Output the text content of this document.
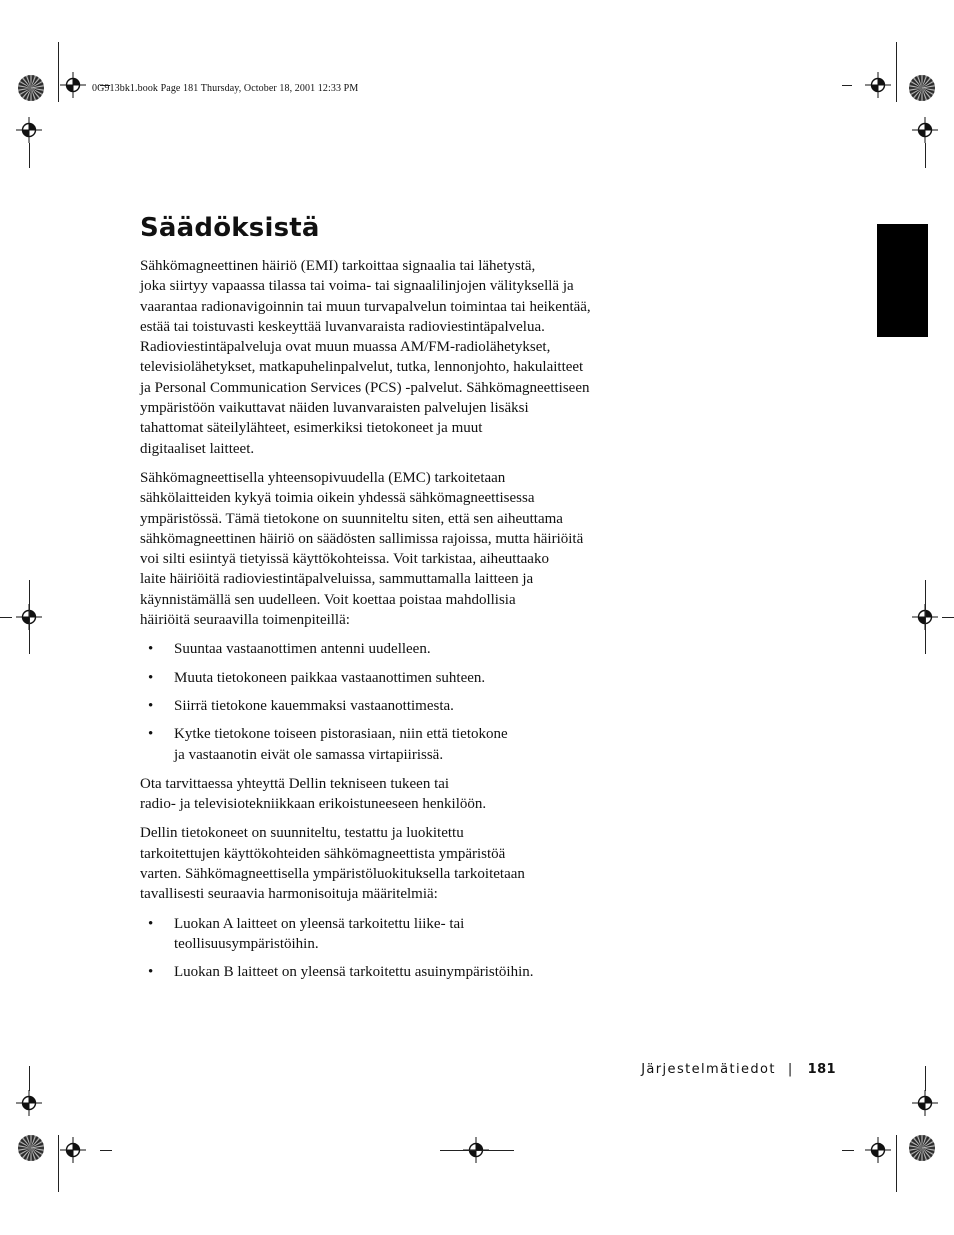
0G913bk1.book Page 181 Thursday, October 18, 2001 12:33 PM
Säädöksistä

Sähkömagneettinen häiriö (EMI) tarkoittaa signaalia tai lähetystä,
joka siirtyy vapaassa tilassa tai voima- tai signaalilinjojen välityksellä ja
vaarantaa radionavigoinnin tai muun turvapalvelun toimintaa tai heikentää,
estää tai toistuvasti keskeyttää luvanvaraista radioviestintäpalvelua.
Radioviestintäpalveluja ovat muun muassa AM/FM-radiolähetykset,
televisiolähetykset, matkapuhelinpalvelut, tutka, lennonjohto, hakulaitteet
ja Personal Communication Services (PCS) -palvelut. Sähkömagneettiseen
ympäristöön vaikuttavat näiden luvanvaraisten palvelujen lisäksi
tahattomat säteilylähteet, esimerkiksi tietokoneet ja muut
digitaaliset laitteet.

Sähkömagneettisella yhteensopivuudella (EMC) tarkoitetaan
sähkölaitteiden kykyä toimia oikein yhdessä sähkömagneettisessa
ympäristössä. Tämä tietokone on suunniteltu siten, että sen aiheuttama
sähkömagneettinen häiriö on säädösten sallimissa rajoissa, mutta häiriöitä
voi silti esiintyä tietyissä käyttökohteissa. Voit tarkistaa, aiheuttaako
laite häiriöitä radioviestintäpalveluissa, sammuttamalla laitteen ja
käynnistämällä sen uudelleen. Voit koettaa poistaa mahdollisia
häiriöitä seuraavilla toimenpiteillä:

• Suuntaa vastaanottimen antenni uudelleen.
• Muuta tietokoneen paikkaa vastaanottimen suhteen.
• Siirrä tietokone kauemmaksi vastaanottimesta.
• Kytke tietokone toiseen pistorasiaan, niin että tietokone
ja vastaanotin eivät ole samassa virtapiirissä.

Ota tarvittaessa yhteyttä Dellin tekniseen tukeen tai
radio- ja televisiotekniikkaan erikoistuneeseen henkilöön.

Dellin tietokoneet on suunniteltu, testattu ja luokitettu
tarkoitettujen käyttökohteiden sähkömagneettista ympäristöä
varten. Sähkömagneettisella ympäristöluokituksella tarkoitetaan
tavallisesti seuraavia harmonisoituja määritelmiä:

• Luokan A laitteet on yleensä tarkoitettu liike- tai
teollisuusympäristöihin.
• Luokan B laitteet on yleensä tarkoitettu asuinympäristöihin.
Järjestelmätiedot | 181
